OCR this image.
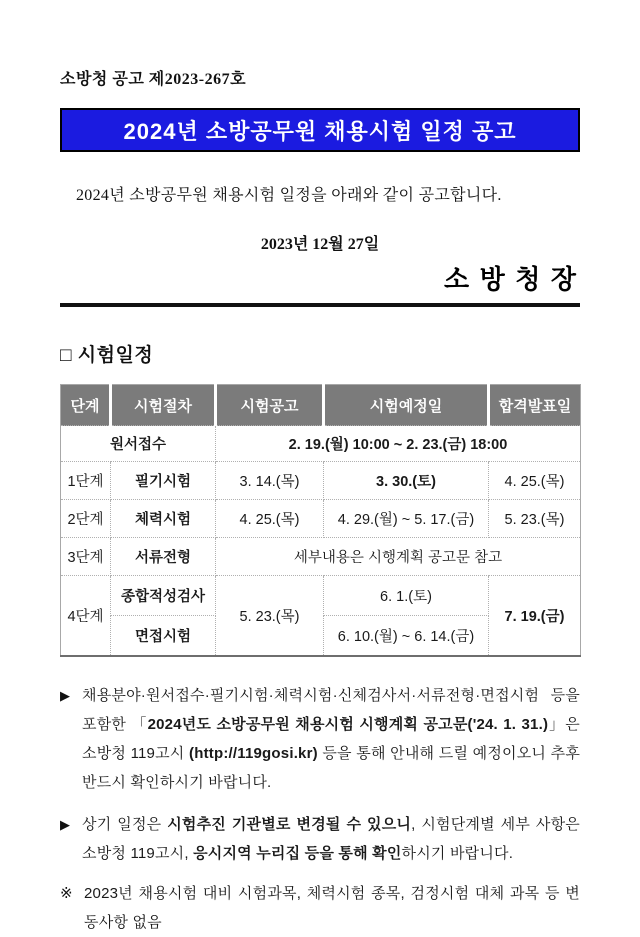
소방청 공고 제2023-267호
2024년 소방공무원 채용시험 일정 공고

2024년 소방공무원 채용시험 일정을 아래와 같이 공고합니다.

2023년 12월 27일
소 방 청 장
□ 시험일정
단계	시험절차	시험공고	시험예정일	합격발표일
원서접수		2. 19.(월) 10:00 ~ 2. 23.(금) 18:00		
1단계	필기시험	3. 14.(목)	3. 30.(토)	4. 25.(목)
2단계	체력시험	4. 25.(목)	4. 29.(월) ~ 5. 17.(금)	5. 23.(목)
3단계	서류전형	세부내용은 시행계획 공고문 참고		
4단계	종합적성검사	5. 23.(목)	6. 1.(토)	7. 19.(금)
	면접시험		6. 10.(월) ~ 6. 14.(금)	
▶ 채용분야·원서접수·필기시험·체력시험·신체검사서·서류전형·면접시험 등을 포함한 「2024년도 소방공무원 채용시험 시행계획 공고문('24. 1. 31.)」은 소방청 119고시 (http://119gosi.kr) 등을 통해 안내해 드릴 예정이오니 추후 반드시 확인하시기 바랍니다.
▶ 상기 일정은 시험추진 기관별로 변경될 수 있으니, 시험단계별 세부 사항은 소방청 119고시, 응시지역 누리집 등을 통해 확인하시기 바랍니다.
※ 2023년 채용시험 대비 시험과목, 체력시험 종목, 검정시험 대체 과목 등 변동사항 없음
